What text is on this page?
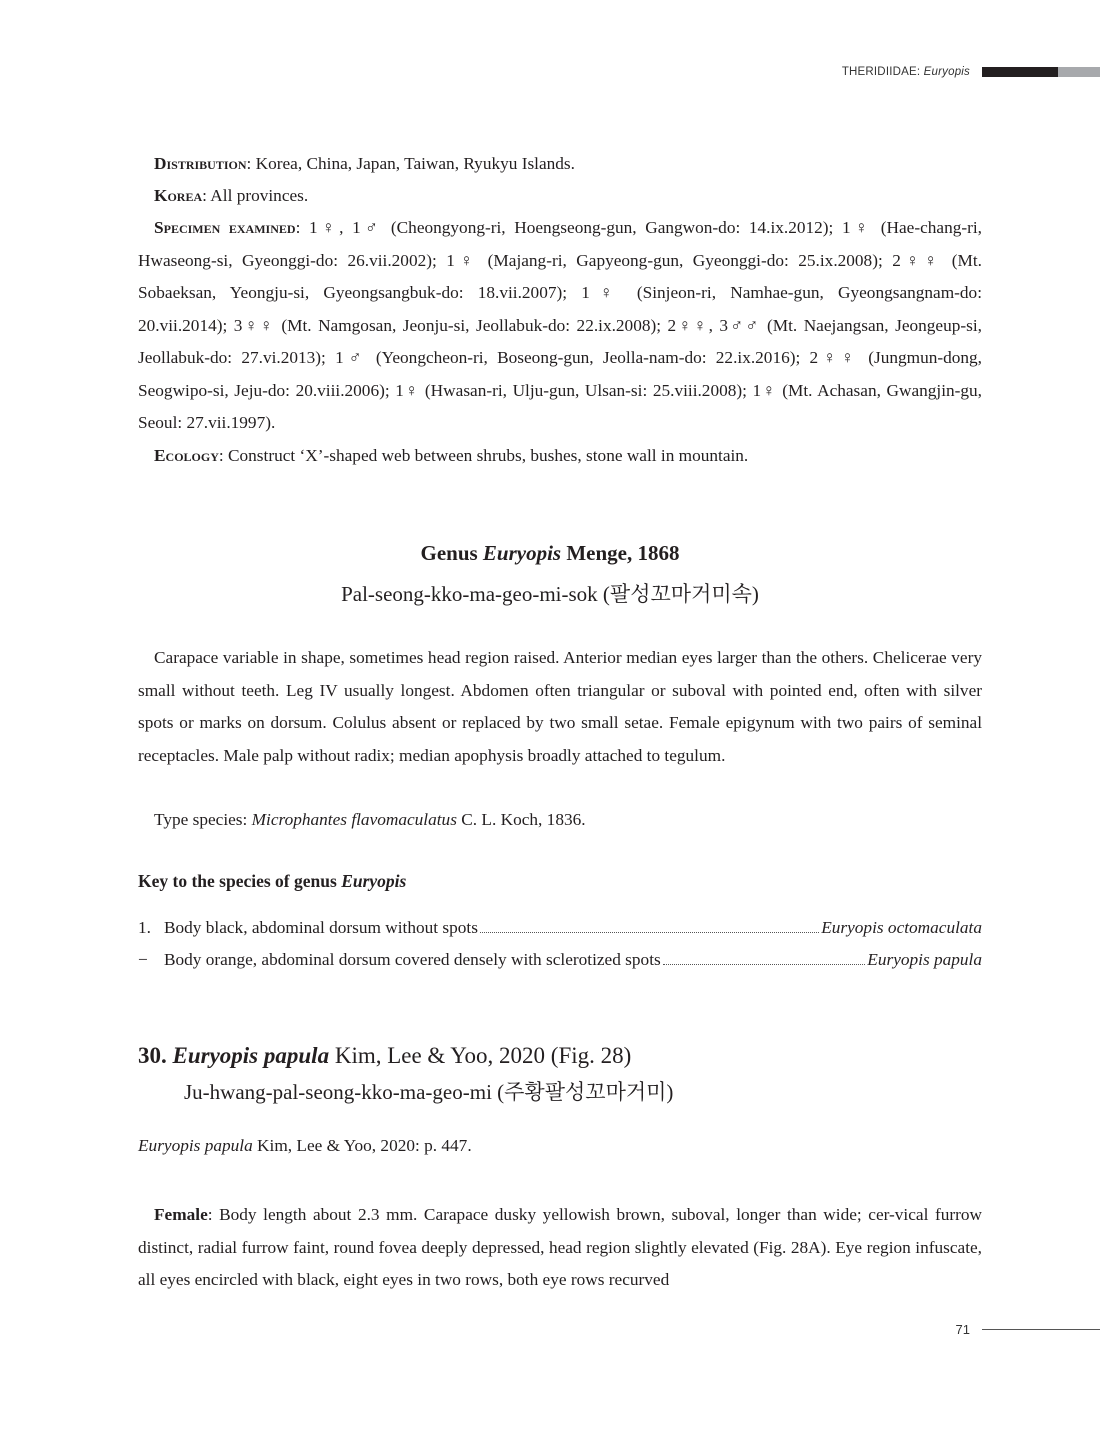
THERIDIIDAE: Euryopis

Distribution: Korea, China, Japan, Taiwan, Ryukyu Islands.

Korea: All provinces.

Specimen examined: 1♀, 1♂ (Cheongyong-ri, Hoengseong-gun, Gangwon-do: 14.ix.2012); 1♀ (Hae-chang-ri, Hwaseong-si, Gyeonggi-do: 26.vii.2002); 1♀ (Majang-ri, Gapyeong-gun, Gyeonggi-do: 25.ix.2008); 2♀♀ (Mt. Sobaeksan, Yeongju-si, Gyeongsangbuk-do: 18.vii.2007); 1♀ (Sinjeon-ri, Namhae-gun, Gyeongsangnam-do: 20.vii.2014); 3♀♀ (Mt. Namgosan, Jeonju-si, Jeollabuk-do: 22.ix.2008); 2♀♀, 3♂♂ (Mt. Naejangsan, Jeongeup-si, Jeollabuk-do: 27.vi.2013); 1♂ (Yeongcheon-ri, Boseong-gun, Jeolla-nam-do: 22.ix.2016); 2♀♀ (Jungmun-dong, Seogwipo-si, Jeju-do: 20.viii.2006); 1♀ (Hwasan-ri, Ulju-gun, Ulsan-si: 25.viii.2008); 1♀ (Mt. Achasan, Gwangjin-gu, Seoul: 27.vii.1997).

Ecology: Construct ‘X’-shaped web between shrubs, bushes, stone wall in mountain.

Genus Euryopis Menge, 1868

Pal-seong-kko-ma-geo-mi-sok (팔성꼬마거미속)

Carapace variable in shape, sometimes head region raised. Anterior median eyes larger than the others. Chelicerae very small without teeth. Leg IV usually longest. Abdomen often triangular or suboval with pointed end, often with silver spots or marks on dorsum. Colulus absent or replaced by two small setae. Female epigynum with two pairs of seminal receptacles. Male palp without radix; median apophysis broadly attached to tegulum.

Type species: Microphantes flavomaculatus C. L. Koch, 1836.

Key to the species of genus Euryopis

1. Body black, abdominal dorsum without spots	Euryopis octomaculata
− Body orange, abdominal dorsum covered densely with sclerotized spots	Euryopis papula

30. Euryopis papula Kim, Lee & Yoo, 2020 (Fig. 28)

Ju-hwang-pal-seong-kko-ma-geo-mi (주황팔성꼬마거미)

Euryopis papula Kim, Lee & Yoo, 2020: p. 447.

Female: Body length about 2.3 mm. Carapace dusky yellowish brown, suboval, longer than wide; cer-vical furrow distinct, radial furrow faint, round fovea deeply depressed, head region slightly elevated (Fig. 28A). Eye region infuscate, all eyes encircled with black, eight eyes in two rows, both eye rows recurved

71
